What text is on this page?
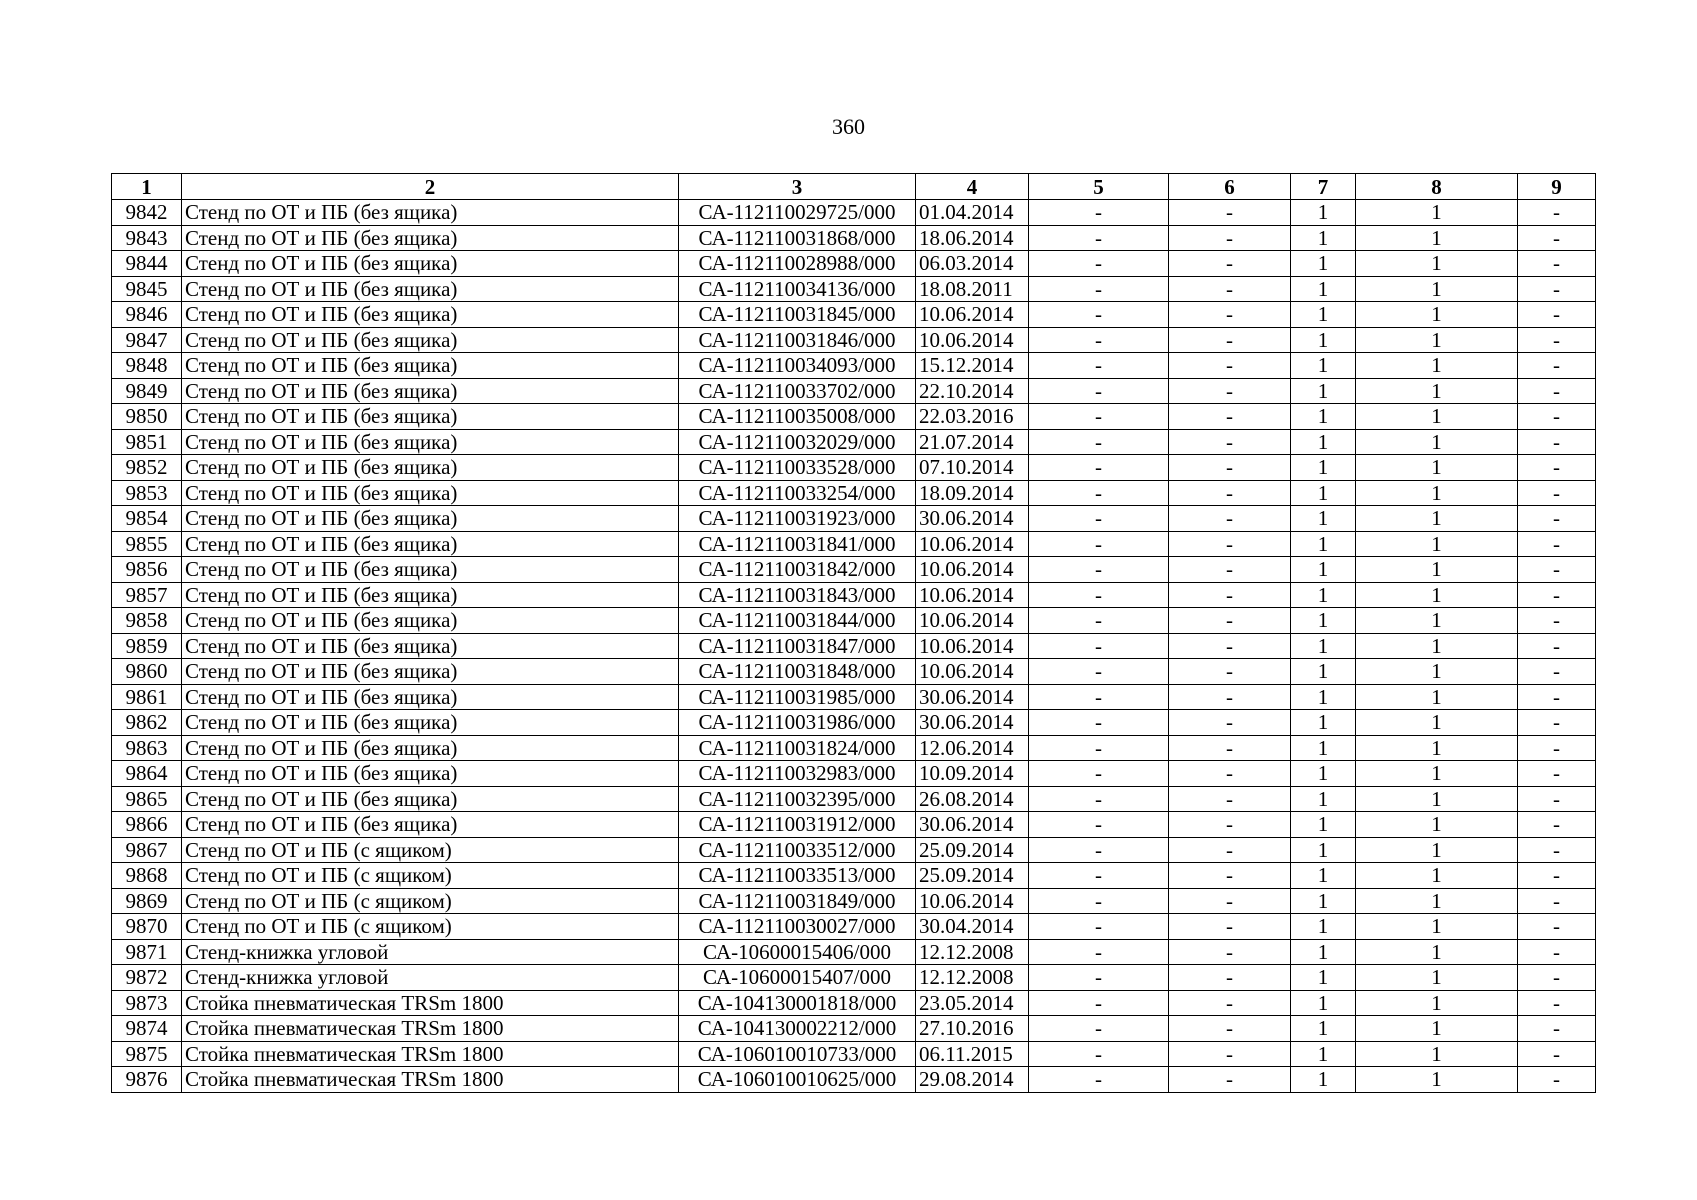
360
1	2	3	4	5	6	7	8	9
9842	Стенд по ОТ и ПБ (без ящика)	СА-112110029725/000	01.04.2014	-	-	1	1	-
9843	Стенд по ОТ и ПБ (без ящика)	СА-112110031868/000	18.06.2014	-	-	1	1	-
9844	Стенд по ОТ и ПБ (без ящика)	СА-112110028988/000	06.03.2014	-	-	1	1	-
9845	Стенд по ОТ и ПБ (без ящика)	СА-112110034136/000	18.08.2011	-	-	1	1	-
9846	Стенд по ОТ и ПБ (без ящика)	СА-112110031845/000	10.06.2014	-	-	1	1	-
9847	Стенд по ОТ и ПБ (без ящика)	СА-112110031846/000	10.06.2014	-	-	1	1	-
9848	Стенд по ОТ и ПБ (без ящика)	СА-112110034093/000	15.12.2014	-	-	1	1	-
9849	Стенд по ОТ и ПБ (без ящика)	СА-112110033702/000	22.10.2014	-	-	1	1	-
9850	Стенд по ОТ и ПБ (без ящика)	СА-112110035008/000	22.03.2016	-	-	1	1	-
9851	Стенд по ОТ и ПБ (без ящика)	СА-112110032029/000	21.07.2014	-	-	1	1	-
9852	Стенд по ОТ и ПБ (без ящика)	СА-112110033528/000	07.10.2014	-	-	1	1	-
9853	Стенд по ОТ и ПБ (без ящика)	СА-112110033254/000	18.09.2014	-	-	1	1	-
9854	Стенд по ОТ и ПБ (без ящика)	СА-112110031923/000	30.06.2014	-	-	1	1	-
9855	Стенд по ОТ и ПБ (без ящика)	СА-112110031841/000	10.06.2014	-	-	1	1	-
9856	Стенд по ОТ и ПБ (без ящика)	СА-112110031842/000	10.06.2014	-	-	1	1	-
9857	Стенд по ОТ и ПБ (без ящика)	СА-112110031843/000	10.06.2014	-	-	1	1	-
9858	Стенд по ОТ и ПБ (без ящика)	СА-112110031844/000	10.06.2014	-	-	1	1	-
9859	Стенд по ОТ и ПБ (без ящика)	СА-112110031847/000	10.06.2014	-	-	1	1	-
9860	Стенд по ОТ и ПБ (без ящика)	СА-112110031848/000	10.06.2014	-	-	1	1	-
9861	Стенд по ОТ и ПБ (без ящика)	СА-112110031985/000	30.06.2014	-	-	1	1	-
9862	Стенд по ОТ и ПБ (без ящика)	СА-112110031986/000	30.06.2014	-	-	1	1	-
9863	Стенд по ОТ и ПБ (без ящика)	СА-112110031824/000	12.06.2014	-	-	1	1	-
9864	Стенд по ОТ и ПБ (без ящика)	СА-112110032983/000	10.09.2014	-	-	1	1	-
9865	Стенд по ОТ и ПБ (без ящика)	СА-112110032395/000	26.08.2014	-	-	1	1	-
9866	Стенд по ОТ и ПБ (без ящика)	СА-112110031912/000	30.06.2014	-	-	1	1	-
9867	Стенд по ОТ и ПБ (с ящиком)	СА-112110033512/000	25.09.2014	-	-	1	1	-
9868	Стенд по ОТ и ПБ (с ящиком)	СА-112110033513/000	25.09.2014	-	-	1	1	-
9869	Стенд по ОТ и ПБ (с ящиком)	СА-112110031849/000	10.06.2014	-	-	1	1	-
9870	Стенд по ОТ и ПБ (с ящиком)	СА-112110030027/000	30.04.2014	-	-	1	1	-
9871	Стенд-книжка угловой	СА-10600015406/000	12.12.2008	-	-	1	1	-
9872	Стенд-книжка угловой	СА-10600015407/000	12.12.2008	-	-	1	1	-
9873	Стойка пневматическая TRSm 1800	СА-104130001818/000	23.05.2014	-	-	1	1	-
9874	Стойка пневматическая TRSm 1800	СА-104130002212/000	27.10.2016	-	-	1	1	-
9875	Стойка пневматическая TRSm 1800	СА-106010010733/000	06.11.2015	-	-	1	1	-
9876	Стойка пневматическая TRSm 1800	СА-106010010625/000	29.08.2014	-	-	1	1	-
